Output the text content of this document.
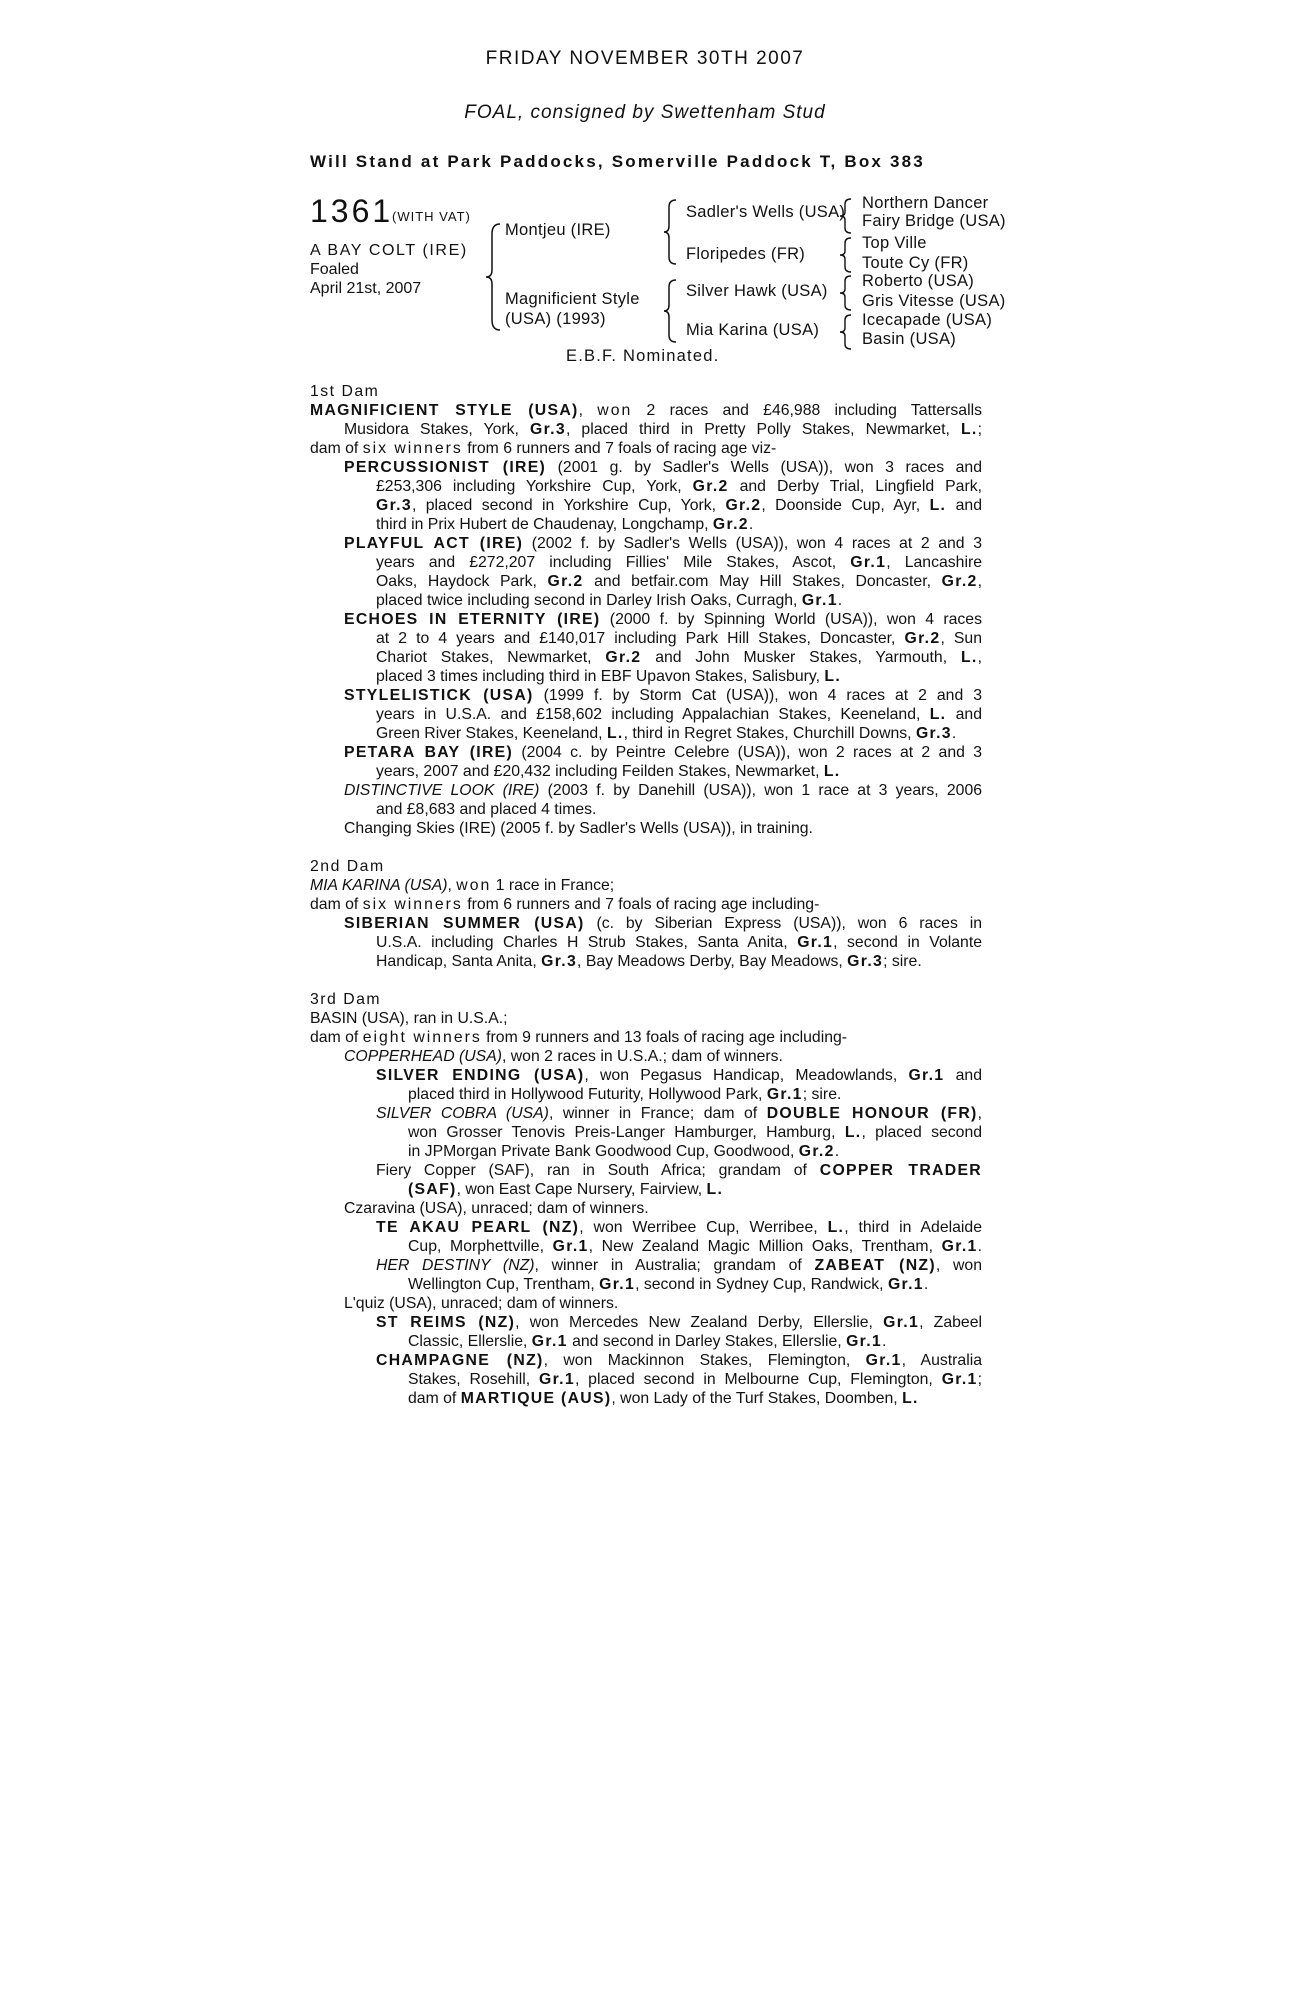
FRIDAY NOVEMBER 30TH 2007
FOAL, consigned by Swettenham Stud
Will Stand at Park Paddocks, Somerville Paddock T, Box 383
1361
(WITH VAT)
A BAY COLT (IRE)
Foaled
April 21st, 2007
Montjeu (IRE)
Magnificient Style
(USA) (1993)
Sadler's Wells (USA)
Floripedes (FR)
Silver Hawk (USA)
Mia Karina (USA)
Northern Dancer
Fairy Bridge (USA)
Top Ville
Toute Cy (FR)
Roberto (USA)
Gris Vitesse (USA)
Icecapade (USA)
Basin (USA)
E.B.F. Nominated.
1st Dam
MAGNIFICIENT STYLE (USA), won 2 races and £46,988 including Tattersalls
Musidora Stakes, York, Gr.3, placed third in Pretty Polly Stakes, Newmarket, L.;
dam of six winners from 6 runners and 7 foals of racing age viz-
PERCUSSIONIST (IRE) (2001 g. by Sadler's Wells (USA)), won 3 races and
£253,306 including Yorkshire Cup, York, Gr.2 and Derby Trial, Lingfield Park,
Gr.3, placed second in Yorkshire Cup, York, Gr.2, Doonside Cup, Ayr, L. and
third in Prix Hubert de Chaudenay, Longchamp, Gr.2.
PLAYFUL ACT (IRE) (2002 f. by Sadler's Wells (USA)), won 4 races at 2 and 3
years and £272,207 including Fillies' Mile Stakes, Ascot, Gr.1, Lancashire
Oaks, Haydock Park, Gr.2 and betfair.com May Hill Stakes, Doncaster, Gr.2,
placed twice including second in Darley Irish Oaks, Curragh, Gr.1.
ECHOES IN ETERNITY (IRE) (2000 f. by Spinning World (USA)), won 4 races
at 2 to 4 years and £140,017 including Park Hill Stakes, Doncaster, Gr.2, Sun
Chariot Stakes, Newmarket, Gr.2 and John Musker Stakes, Yarmouth, L.,
placed 3 times including third in EBF Upavon Stakes, Salisbury, L.
STYLELISTICK (USA) (1999 f. by Storm Cat (USA)), won 4 races at 2 and 3
years in U.S.A. and £158,602 including Appalachian Stakes, Keeneland, L. and
Green River Stakes, Keeneland, L., third in Regret Stakes, Churchill Downs, Gr.3.
PETARA BAY (IRE) (2004 c. by Peintre Celebre (USA)), won 2 races at 2 and 3
years, 2007 and £20,432 including Feilden Stakes, Newmarket, L.
DISTINCTIVE LOOK (IRE) (2003 f. by Danehill (USA)), won 1 race at 3 years, 2006
and £8,683 and placed 4 times.
Changing Skies (IRE) (2005 f. by Sadler's Wells (USA)), in training.
2nd Dam
MIA KARINA (USA), won 1 race in France;
dam of six winners from 6 runners and 7 foals of racing age including-
SIBERIAN SUMMER (USA) (c. by Siberian Express (USA)), won 6 races in
U.S.A. including Charles H Strub Stakes, Santa Anita, Gr.1, second in Volante
Handicap, Santa Anita, Gr.3, Bay Meadows Derby, Bay Meadows, Gr.3; sire.
3rd Dam
BASIN (USA), ran in U.S.A.;
dam of eight winners from 9 runners and 13 foals of racing age including-
COPPERHEAD (USA), won 2 races in U.S.A.; dam of winners.
SILVER ENDING (USA), won Pegasus Handicap, Meadowlands, Gr.1 and
placed third in Hollywood Futurity, Hollywood Park, Gr.1; sire.
SILVER COBRA (USA), winner in France; dam of DOUBLE HONOUR (FR),
won Grosser Tenovis Preis-Langer Hamburger, Hamburg, L., placed second
in JPMorgan Private Bank Goodwood Cup, Goodwood, Gr.2.
Fiery Copper (SAF), ran in South Africa; grandam of COPPER TRADER
(SAF), won East Cape Nursery, Fairview, L.
Czaravina (USA), unraced; dam of winners.
TE AKAU PEARL (NZ), won Werribee Cup, Werribee, L., third in Adelaide
Cup, Morphettville, Gr.1, New Zealand Magic Million Oaks, Trentham, Gr.1.
HER DESTINY (NZ), winner in Australia; grandam of ZABEAT (NZ), won
Wellington Cup, Trentham, Gr.1, second in Sydney Cup, Randwick, Gr.1.
L'quiz (USA), unraced; dam of winners.
ST REIMS (NZ), won Mercedes New Zealand Derby, Ellerslie, Gr.1, Zabeel
Classic, Ellerslie, Gr.1 and second in Darley Stakes, Ellerslie, Gr.1.
CHAMPAGNE (NZ), won Mackinnon Stakes, Flemington, Gr.1, Australia
Stakes, Rosehill, Gr.1, placed second in Melbourne Cup, Flemington, Gr.1;
dam of MARTIQUE (AUS), won Lady of the Turf Stakes, Doomben, L.
